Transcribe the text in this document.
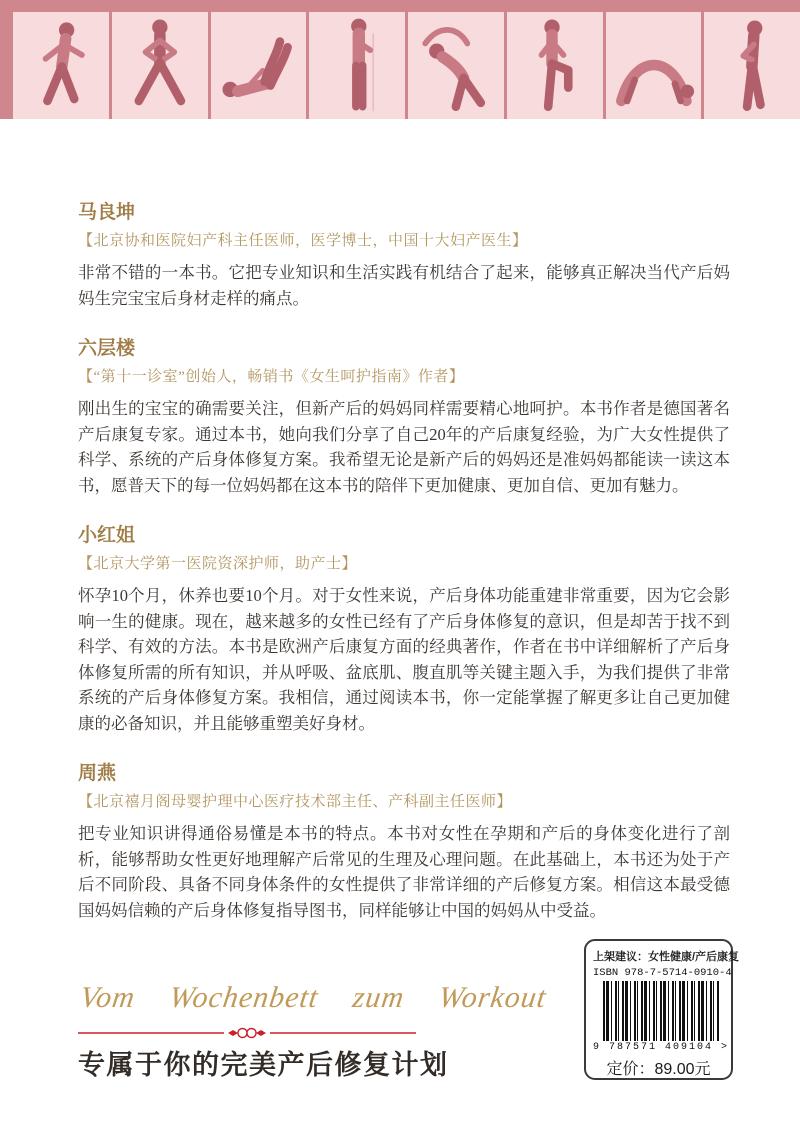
马良坤
【北京协和医院妇产科主任医师，医学博士，中国十大妇产医生】

非常不错的一本书。它把专业知识和生活实践有机结合了起来，能够真正解决当代产后妈妈生完宝宝后身材走样的痛点。

六层楼
【“第十一诊室”创始人，畅销书《女生呵护指南》作者】

刚出生的宝宝的确需要关注，但新产后的妈妈同样需要精心地呵护。本书作者是德国著名产后康复专家。通过本书，她向我们分享了自己20年的产后康复经验，为广大女性提供了科学、系统的产后身体修复方案。我希望无论是新产后的妈妈还是准妈妈都能读一读这本书，愿普天下的每一位妈妈都在这本书的陪伴下更加健康、更加自信、更加有魅力。

小红姐
【北京大学第一医院资深护师，助产士】

怀孕10个月，休养也要10个月。对于女性来说，产后身体功能重建非常重要，因为它会影响一生的健康。现在，越来越多的女性已经有了产后身体修复的意识，但是却苦于找不到科学、有效的方法。本书是欧洲产后康复方面的经典著作，作者在书中详细解析了产后身体修复所需的所有知识，并从呼吸、盆底肌、腹直肌等关键主题入手，为我们提供了非常系统的产后身体修复方案。我相信，通过阅读本书，你一定能掌握了解更多让自己更加健康的必备知识，并且能够重塑美好身材。

周燕
【北京禧月阁母婴护理中心医疗技术部主任、产科副主任医师】

把专业知识讲得通俗易懂是本书的特点。本书对女性在孕期和产后的身体变化进行了剖析，能够帮助女性更好地理解产后常见的生理及心理问题。在此基础上，本书还为处于产后不同阶段、具备不同身体条件的女性提供了非常详细的产后修复方案。相信这本最受德国妈妈信赖的产后身体修复指导图书，同样能够让中国的妈妈从中受益。

Vom Wochenbett zum Workout
专属于你的完美产后修复计划
上架建议：女性健康/产后康复
ISBN 978-7-5714-0910-4
9 787571 409104 >
定价：89.00元
